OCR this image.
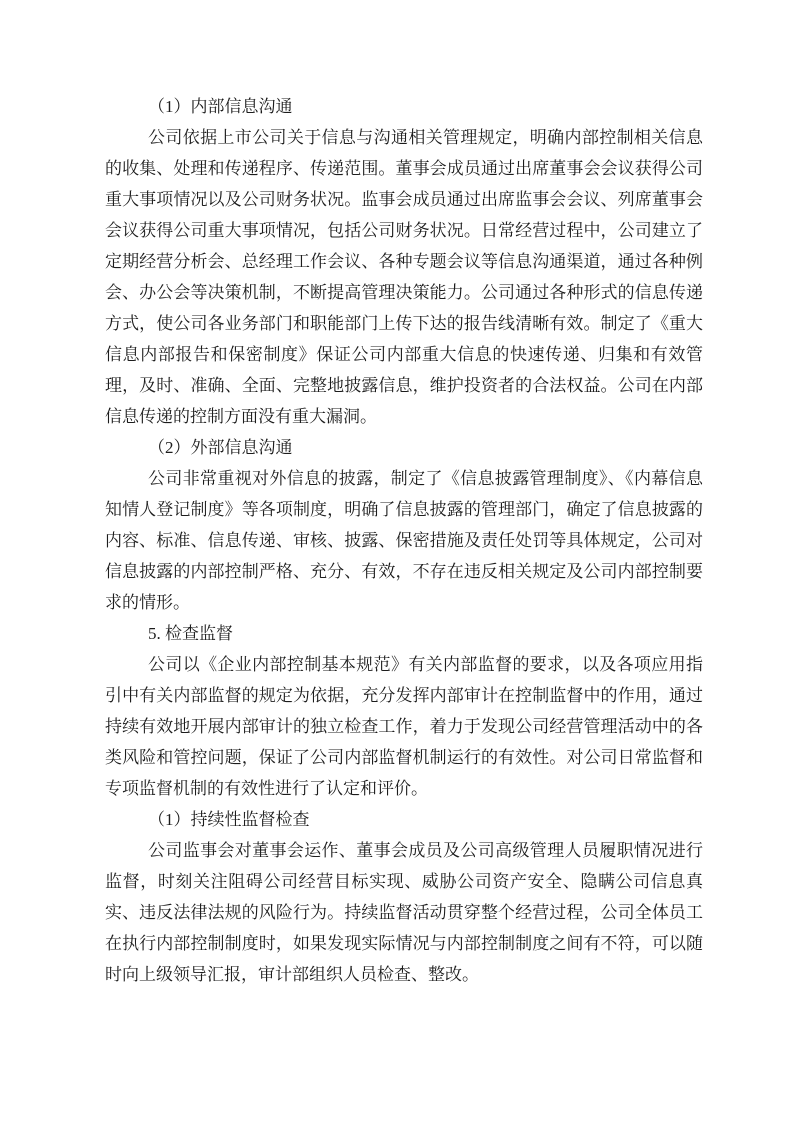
（1）内部信息沟通

公司依据上市公司关于信息与沟通相关管理规定，明确内部控制相关信息的收集、处理和传递程序、传递范围。董事会成员通过出席董事会会议获得公司重大事项情况以及公司财务状况。监事会成员通过出席监事会会议、列席董事会会议获得公司重大事项情况，包括公司财务状况。日常经营过程中，公司建立了定期经营分析会、总经理工作会议、各种专题会议等信息沟通渠道，通过各种例会、办公会等决策机制，不断提高管理决策能力。公司通过各种形式的信息传递方式，使公司各业务部门和职能部门上传下达的报告线清晰有效。制定了《重大信息内部报告和保密制度》保证公司内部重大信息的快速传递、归集和有效管理，及时、准确、全面、完整地披露信息，维护投资者的合法权益。公司在内部信息传递的控制方面没有重大漏洞。

（2）外部信息沟通

公司非常重视对外信息的披露，制定了《信息披露管理制度》、《内幕信息知情人登记制度》等各项制度，明确了信息披露的管理部门，确定了信息披露的内容、标准、信息传递、审核、披露、保密措施及责任处罚等具体规定，公司对信息披露的内部控制严格、充分、有效，不存在违反相关规定及公司内部控制要求的情形。

5. 检查监督

公司以《企业内部控制基本规范》有关内部监督的要求，以及各项应用指引中有关内部监督的规定为依据，充分发挥内部审计在控制监督中的作用，通过持续有效地开展内部审计的独立检查工作，着力于发现公司经营管理活动中的各类风险和管控问题，保证了公司内部监督机制运行的有效性。对公司日常监督和专项监督机制的有效性进行了认定和评价。

（1）持续性监督检查

公司监事会对董事会运作、董事会成员及公司高级管理人员履职情况进行监督，时刻关注阻碍公司经营目标实现、威胁公司资产安全、隐瞒公司信息真实、违反法律法规的风险行为。持续监督活动贯穿整个经营过程，公司全体员工在执行内部控制制度时，如果发现实际情况与内部控制制度之间有不符，可以随时向上级领导汇报，审计部组织人员检查、整改。
